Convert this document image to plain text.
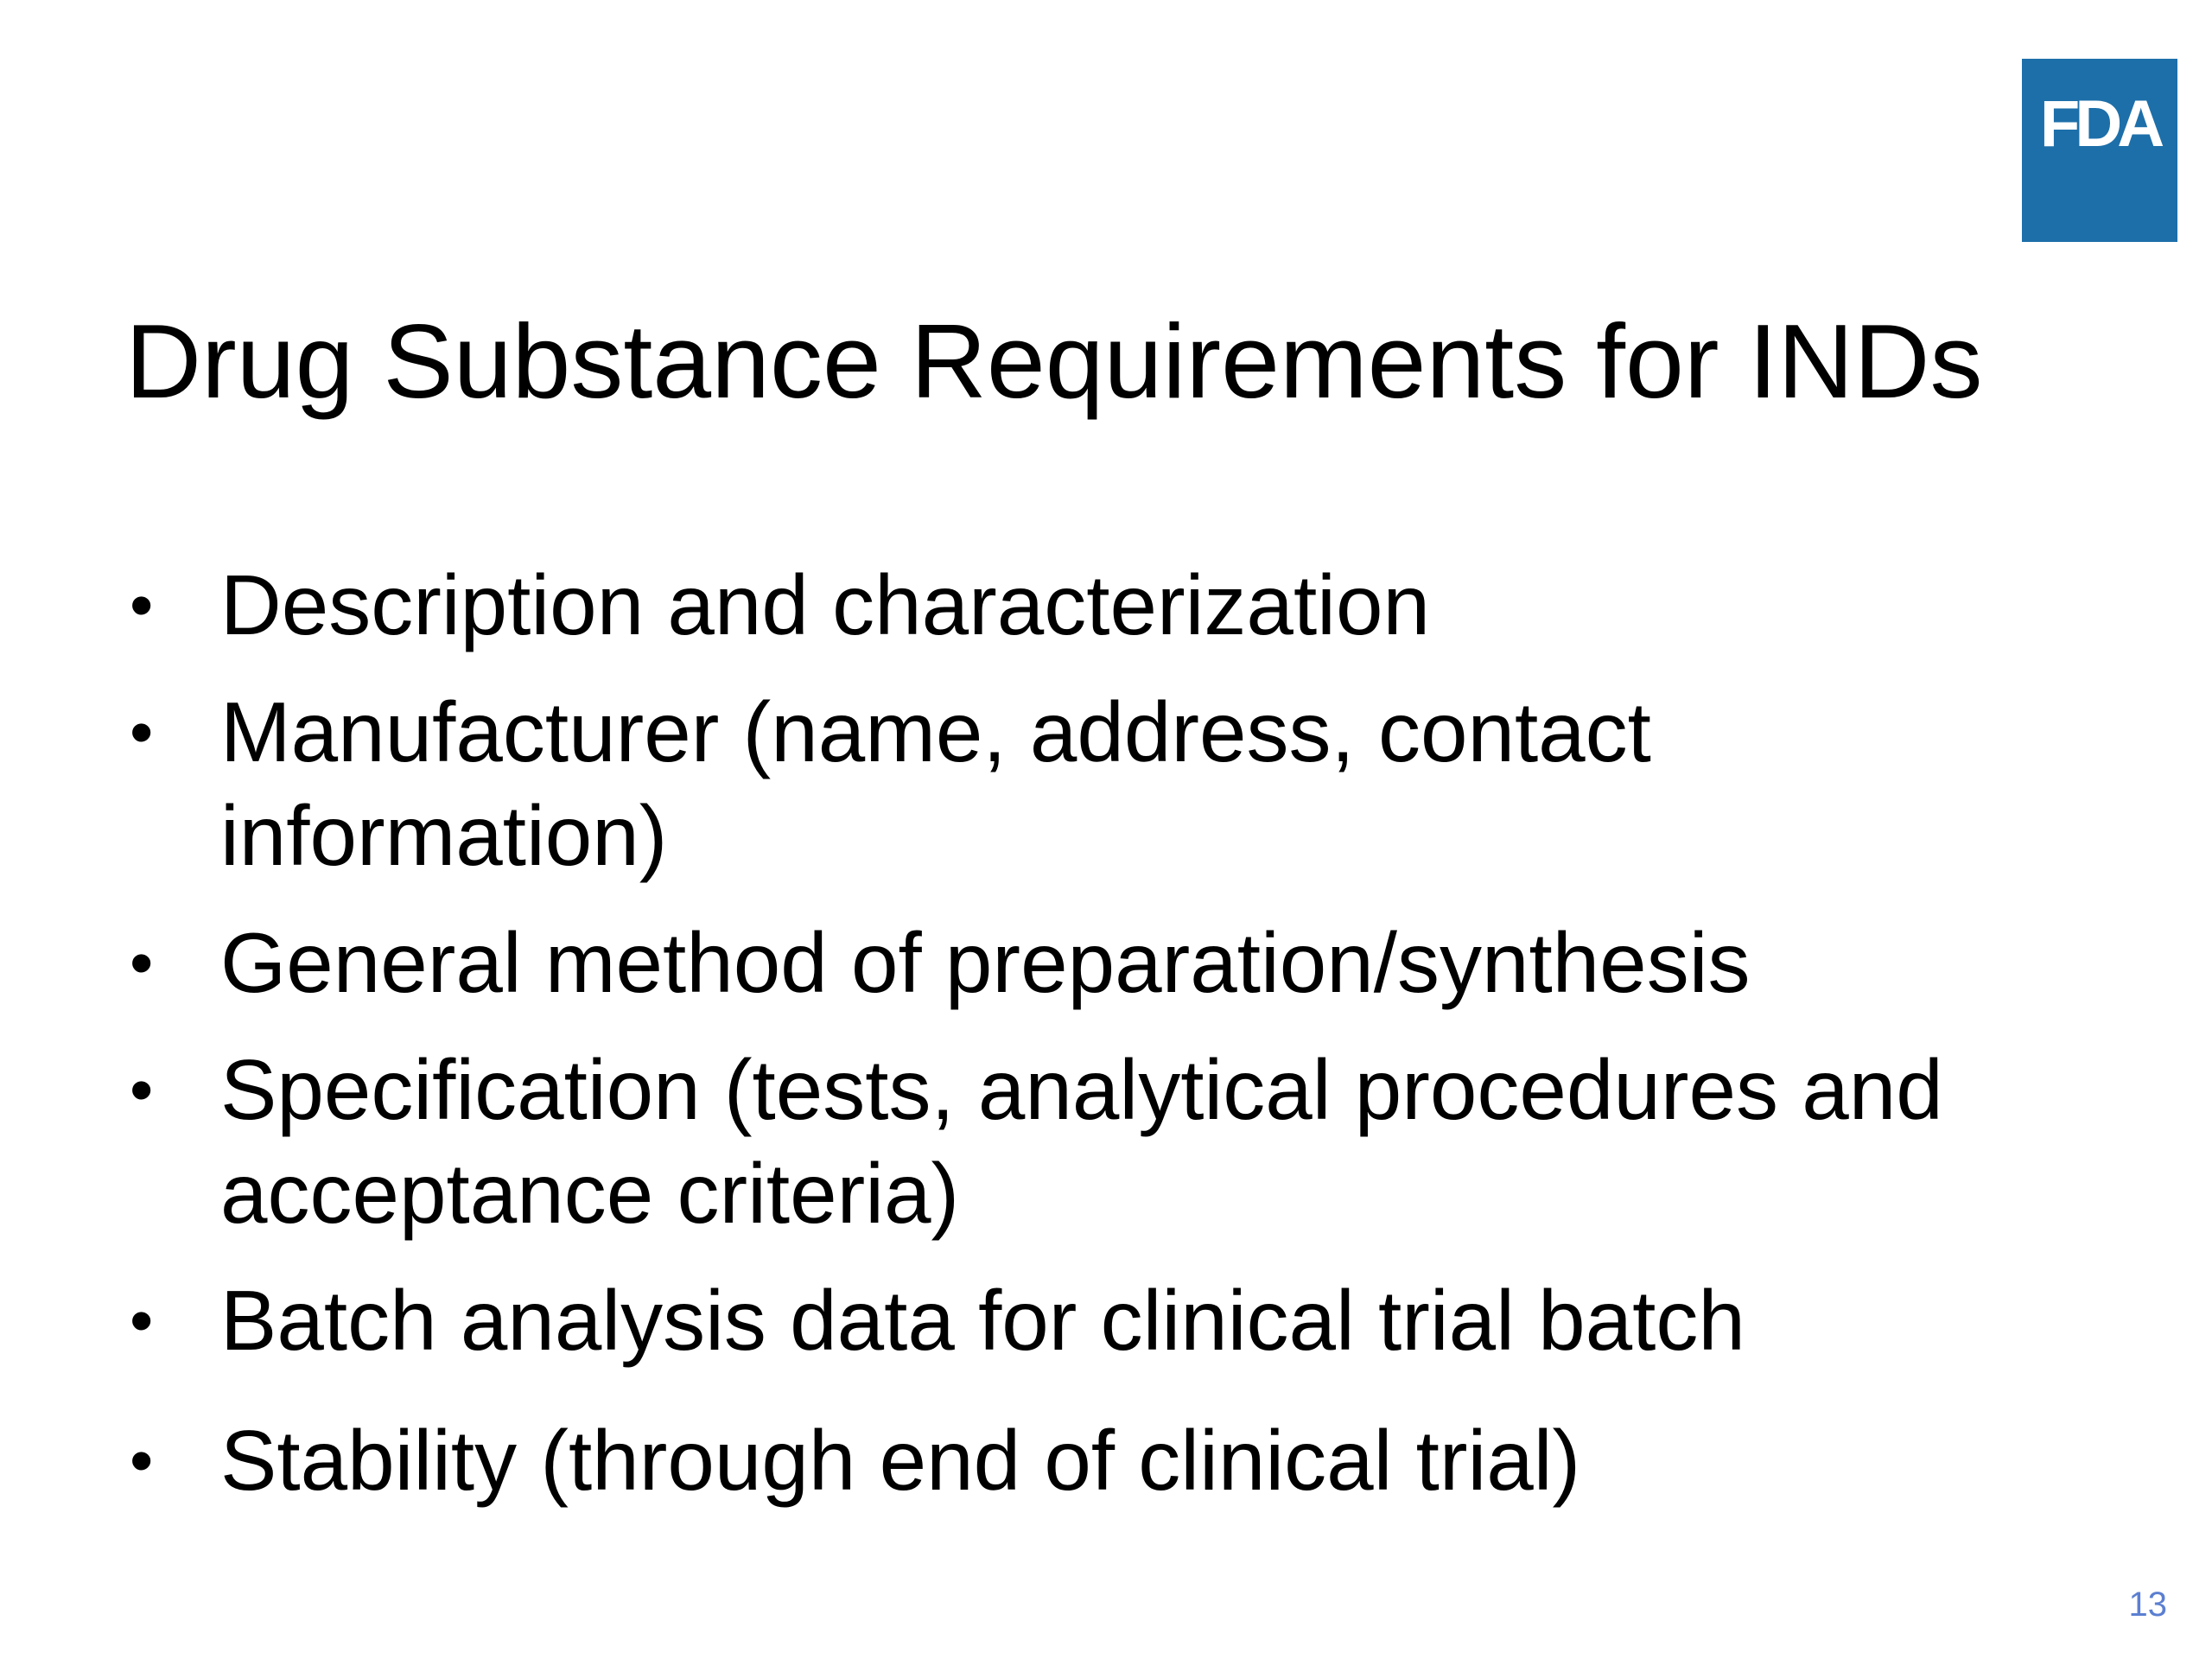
FDA
Drug Substance Requirements for INDs
• Description and characterization
• Manufacturer (name, address, contact information)
• General method of preparation/synthesis
• Specification (tests, analytical procedures and acceptance criteria)
• Batch analysis data for clinical trial batch
• Stability (through end of clinical trial)
13
